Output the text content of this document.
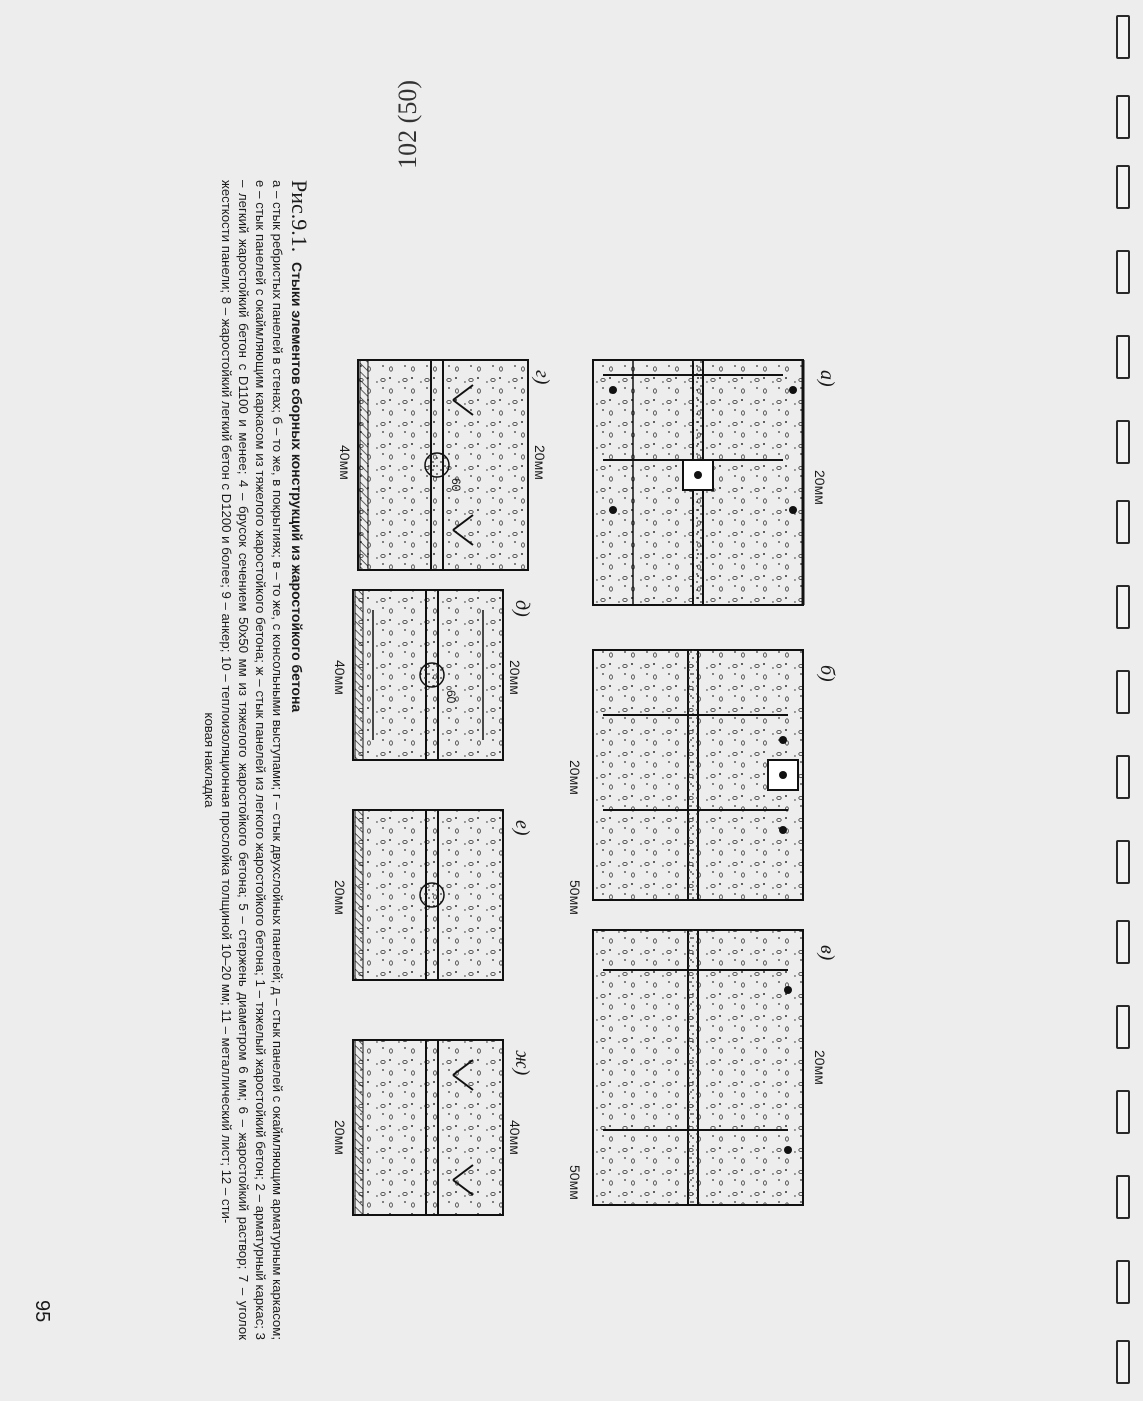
102 (50)
а)
б)
в)
г)
д)
е)
ж)
20мм
20мм
50мм
20мм
50мм
20мм
40мм
60
20мм
40мм
60
20мм
40мм
20мм
Рис.9.1. Стыки элементов сборных конструкций из жаростойкого бетона
а – стык ребристых панелей в стенах; б – то же, в покрытиях; в – то же, с консольными выступами; г – стык двухслойных панелей; д – стык панелей с окаймляющим арматурным каркасом; е – стык панелей с окаймляющим каркасом из тяжелого жаростойкого бетона; ж – стык панелей из легкого жаростойкого бетона; 1 – тяжелый жаростойкий бетон; 2 – арматурный каркас; 3 – легкий жаростойкий бетон с D1100 и менее; 4 – брусок сечением 50х50 мм из тяжелого жаростойкого бетона; 5 – стержень диаметром 6 мм; 6 – жаростойкий раствор; 7 – уголок жесткости панели; 8 – жаростойкий легкий бетон с D1200 и более; 9 – анкер; 10 – теплоизоляционная прослойка толщиной 10–20 мм; 11 – металлический лист; 12 – сти-
ковая накладка
95
